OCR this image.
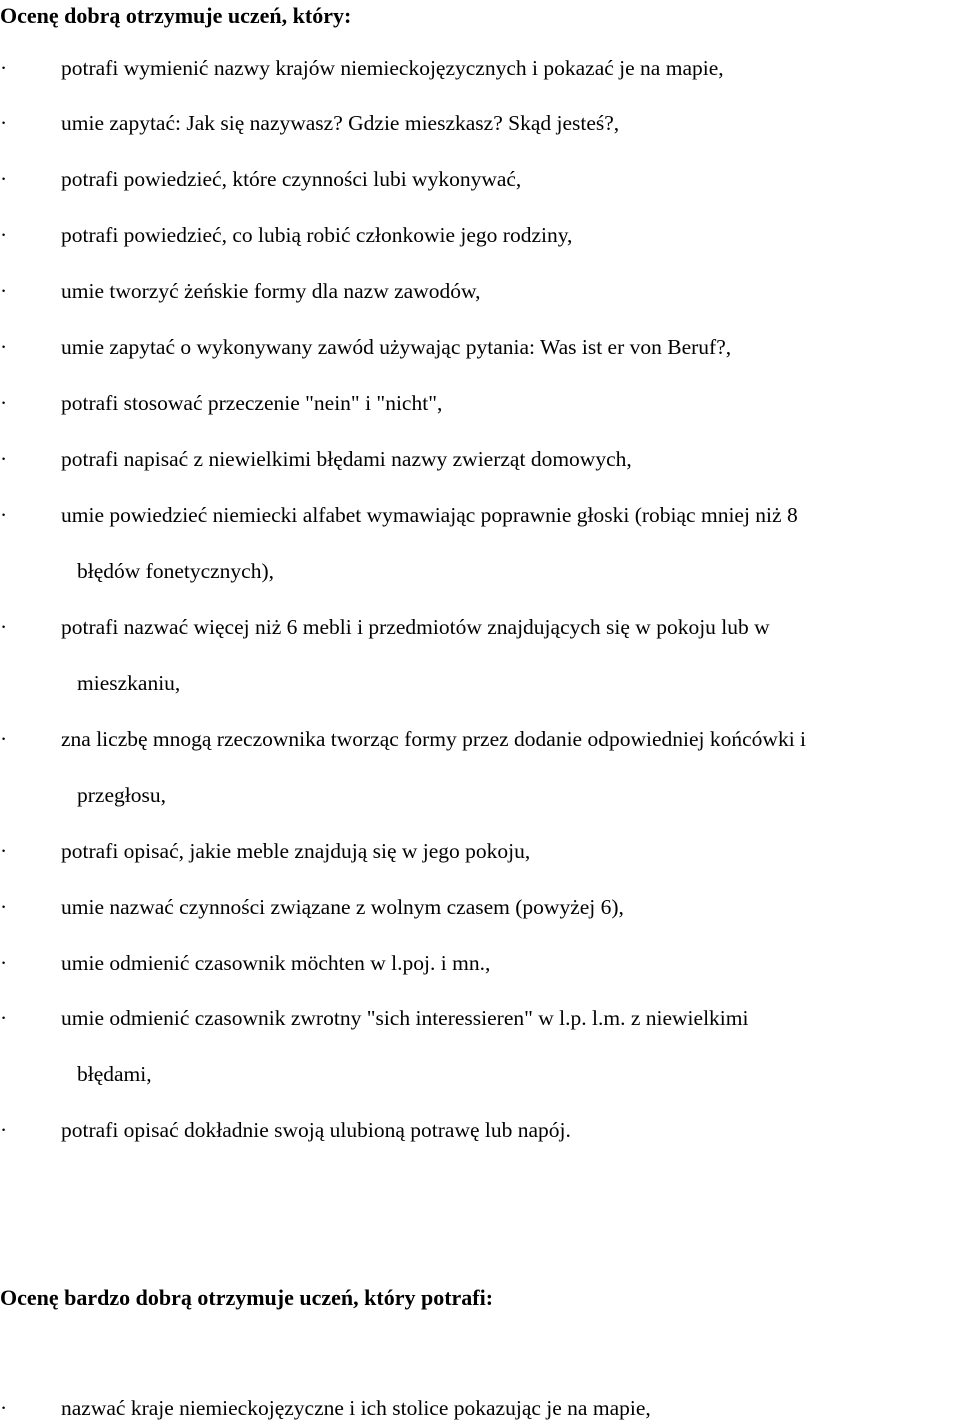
Ocenę dobrą otrzymuje uczeń, który:
·	potrafi wymienić nazwy krajów niemieckojęzycznych i pokazać je na mapie,
·	umie zapytać: Jak się nazywasz? Gdzie mieszkasz? Skąd jesteś?,
·	potrafi powiedzieć, które czynności lubi wykonywać,
·	potrafi powiedzieć, co lubią robić członkowie jego rodziny,
·	umie tworzyć żeńskie formy dla nazw zawodów,
·	umie zapytać o wykonywany zawód używając pytania: Was ist er von Beruf?,
·	potrafi stosować przeczenie "nein" i "nicht",
·	potrafi napisać z niewielkimi błędami nazwy zwierząt domowych,
·	umie powiedzieć niemiecki alfabet wymawiając poprawnie głoski (robiąc mniej niż 8
błędów fonetycznych),
·	potrafi nazwać więcej niż 6 mebli i przedmiotów znajdujących się w pokoju lub w
mieszkaniu,
·	zna liczbę mnogą rzeczownika tworząc formy przez dodanie odpowiedniej końcówki i
przegłosu,
·	potrafi opisać, jakie meble znajdują się w jego pokoju,
·	umie nazwać czynności związane z wolnym czasem (powyżej 6),
·	umie odmienić czasownik möchten w l.poj. i mn.,
·	umie odmienić czasownik zwrotny "sich interessieren" w l.p. l.m. z niewielkimi
błędami,
·	potrafi opisać dokładnie swoją ulubioną potrawę lub napój.
Ocenę bardzo dobrą otrzymuje uczeń, który potrafi:
·	nazwać kraje niemieckojęzyczne i ich stolice pokazując je na mapie,
